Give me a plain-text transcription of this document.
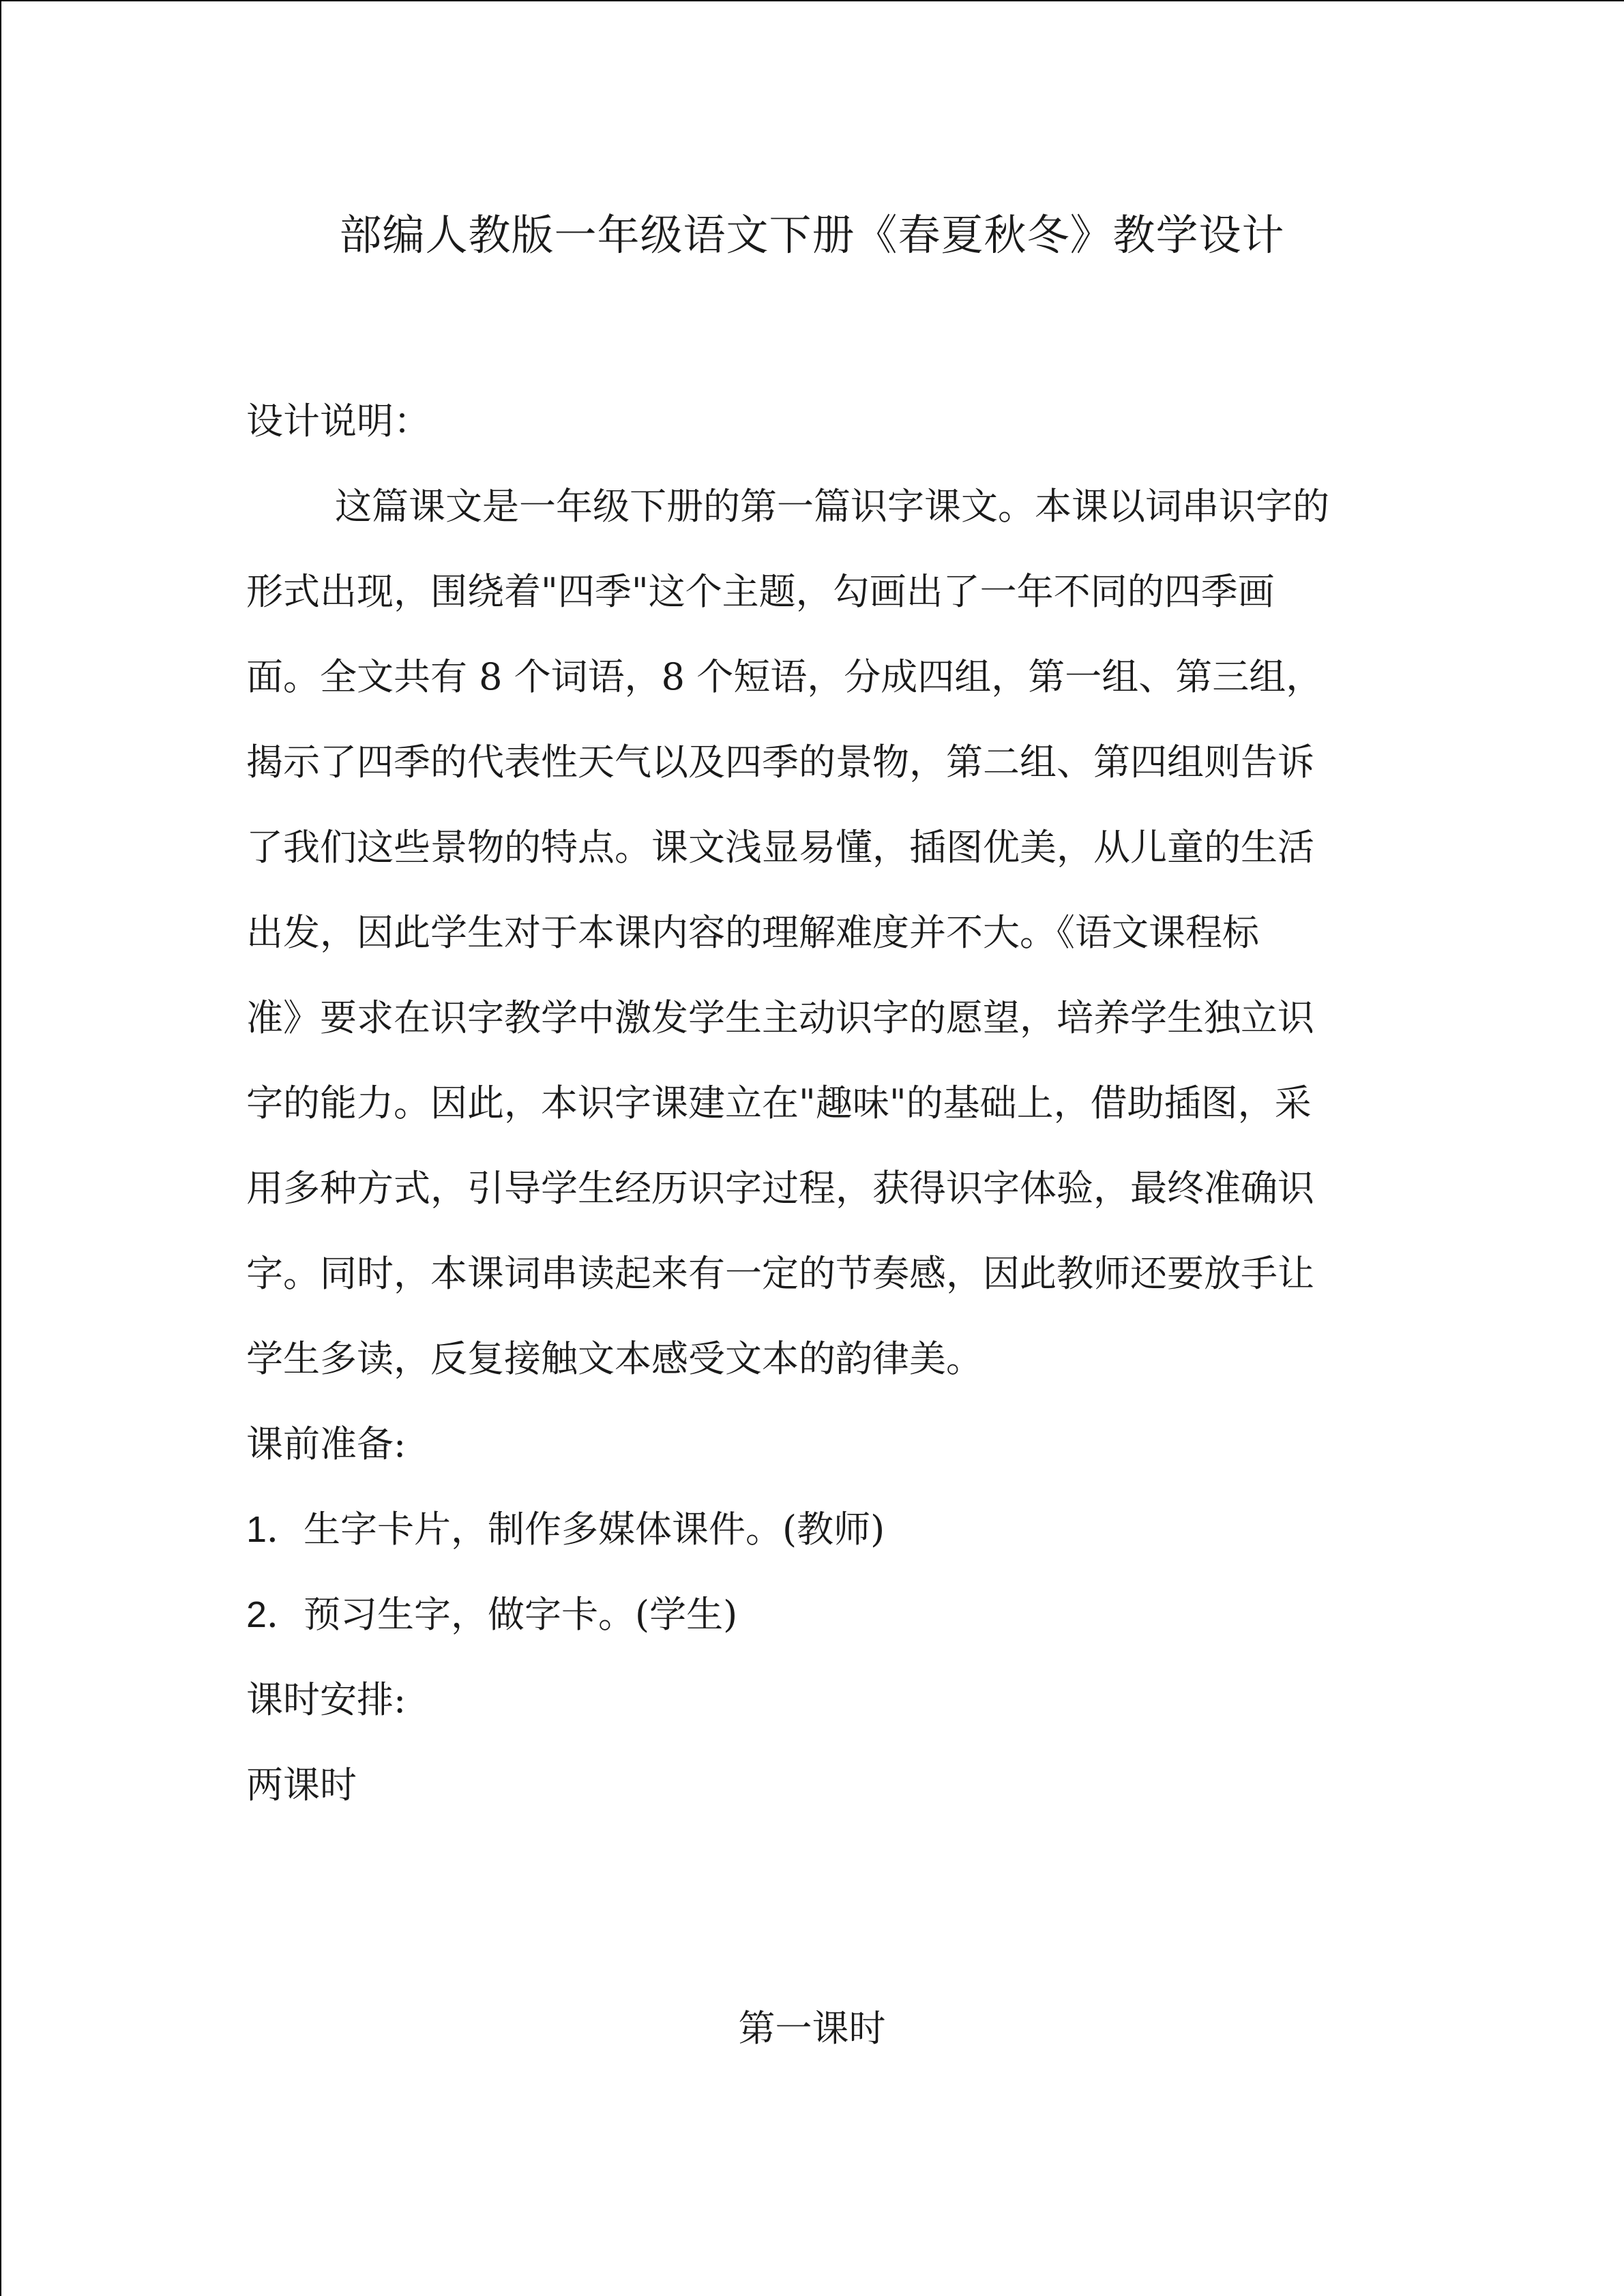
部编人教版一年级语文下册《春夏秋冬》教学设计
设计说明：
这篇课文是一年级下册的第一篇识字课文。本课以词串识字的
形式出现，围绕着"四季"这个主题，勾画出了一年不同的四季画
面。全文共有 8 个词语，8 个短语，分成四组，第一组、第三组，
揭示了四季的代表性天气以及四季的景物，第二组、第四组则告诉
了我们这些景物的特点。课文浅显易懂，插图优美，从儿童的生活
出发，因此学生对于本课内容的理解难度并不大。《语文课程标
准》要求在识字教学中激发学生主动识字的愿望，培养学生独立识
字的能力。因此，本识字课建立在"趣味"的基础上，借助插图，采
用多种方式，引导学生经历识字过程，获得识字体验，最终准确识
字。同时，本课词串读起来有一定的节奏感，因此教师还要放手让
学生多读，反复接触文本感受文本的韵律美。
课前准备:
1．生字卡片，制作多媒体课件。(教师)
2．预习生字，做字卡。(学生)
课时安排:
两课时
第一课时
